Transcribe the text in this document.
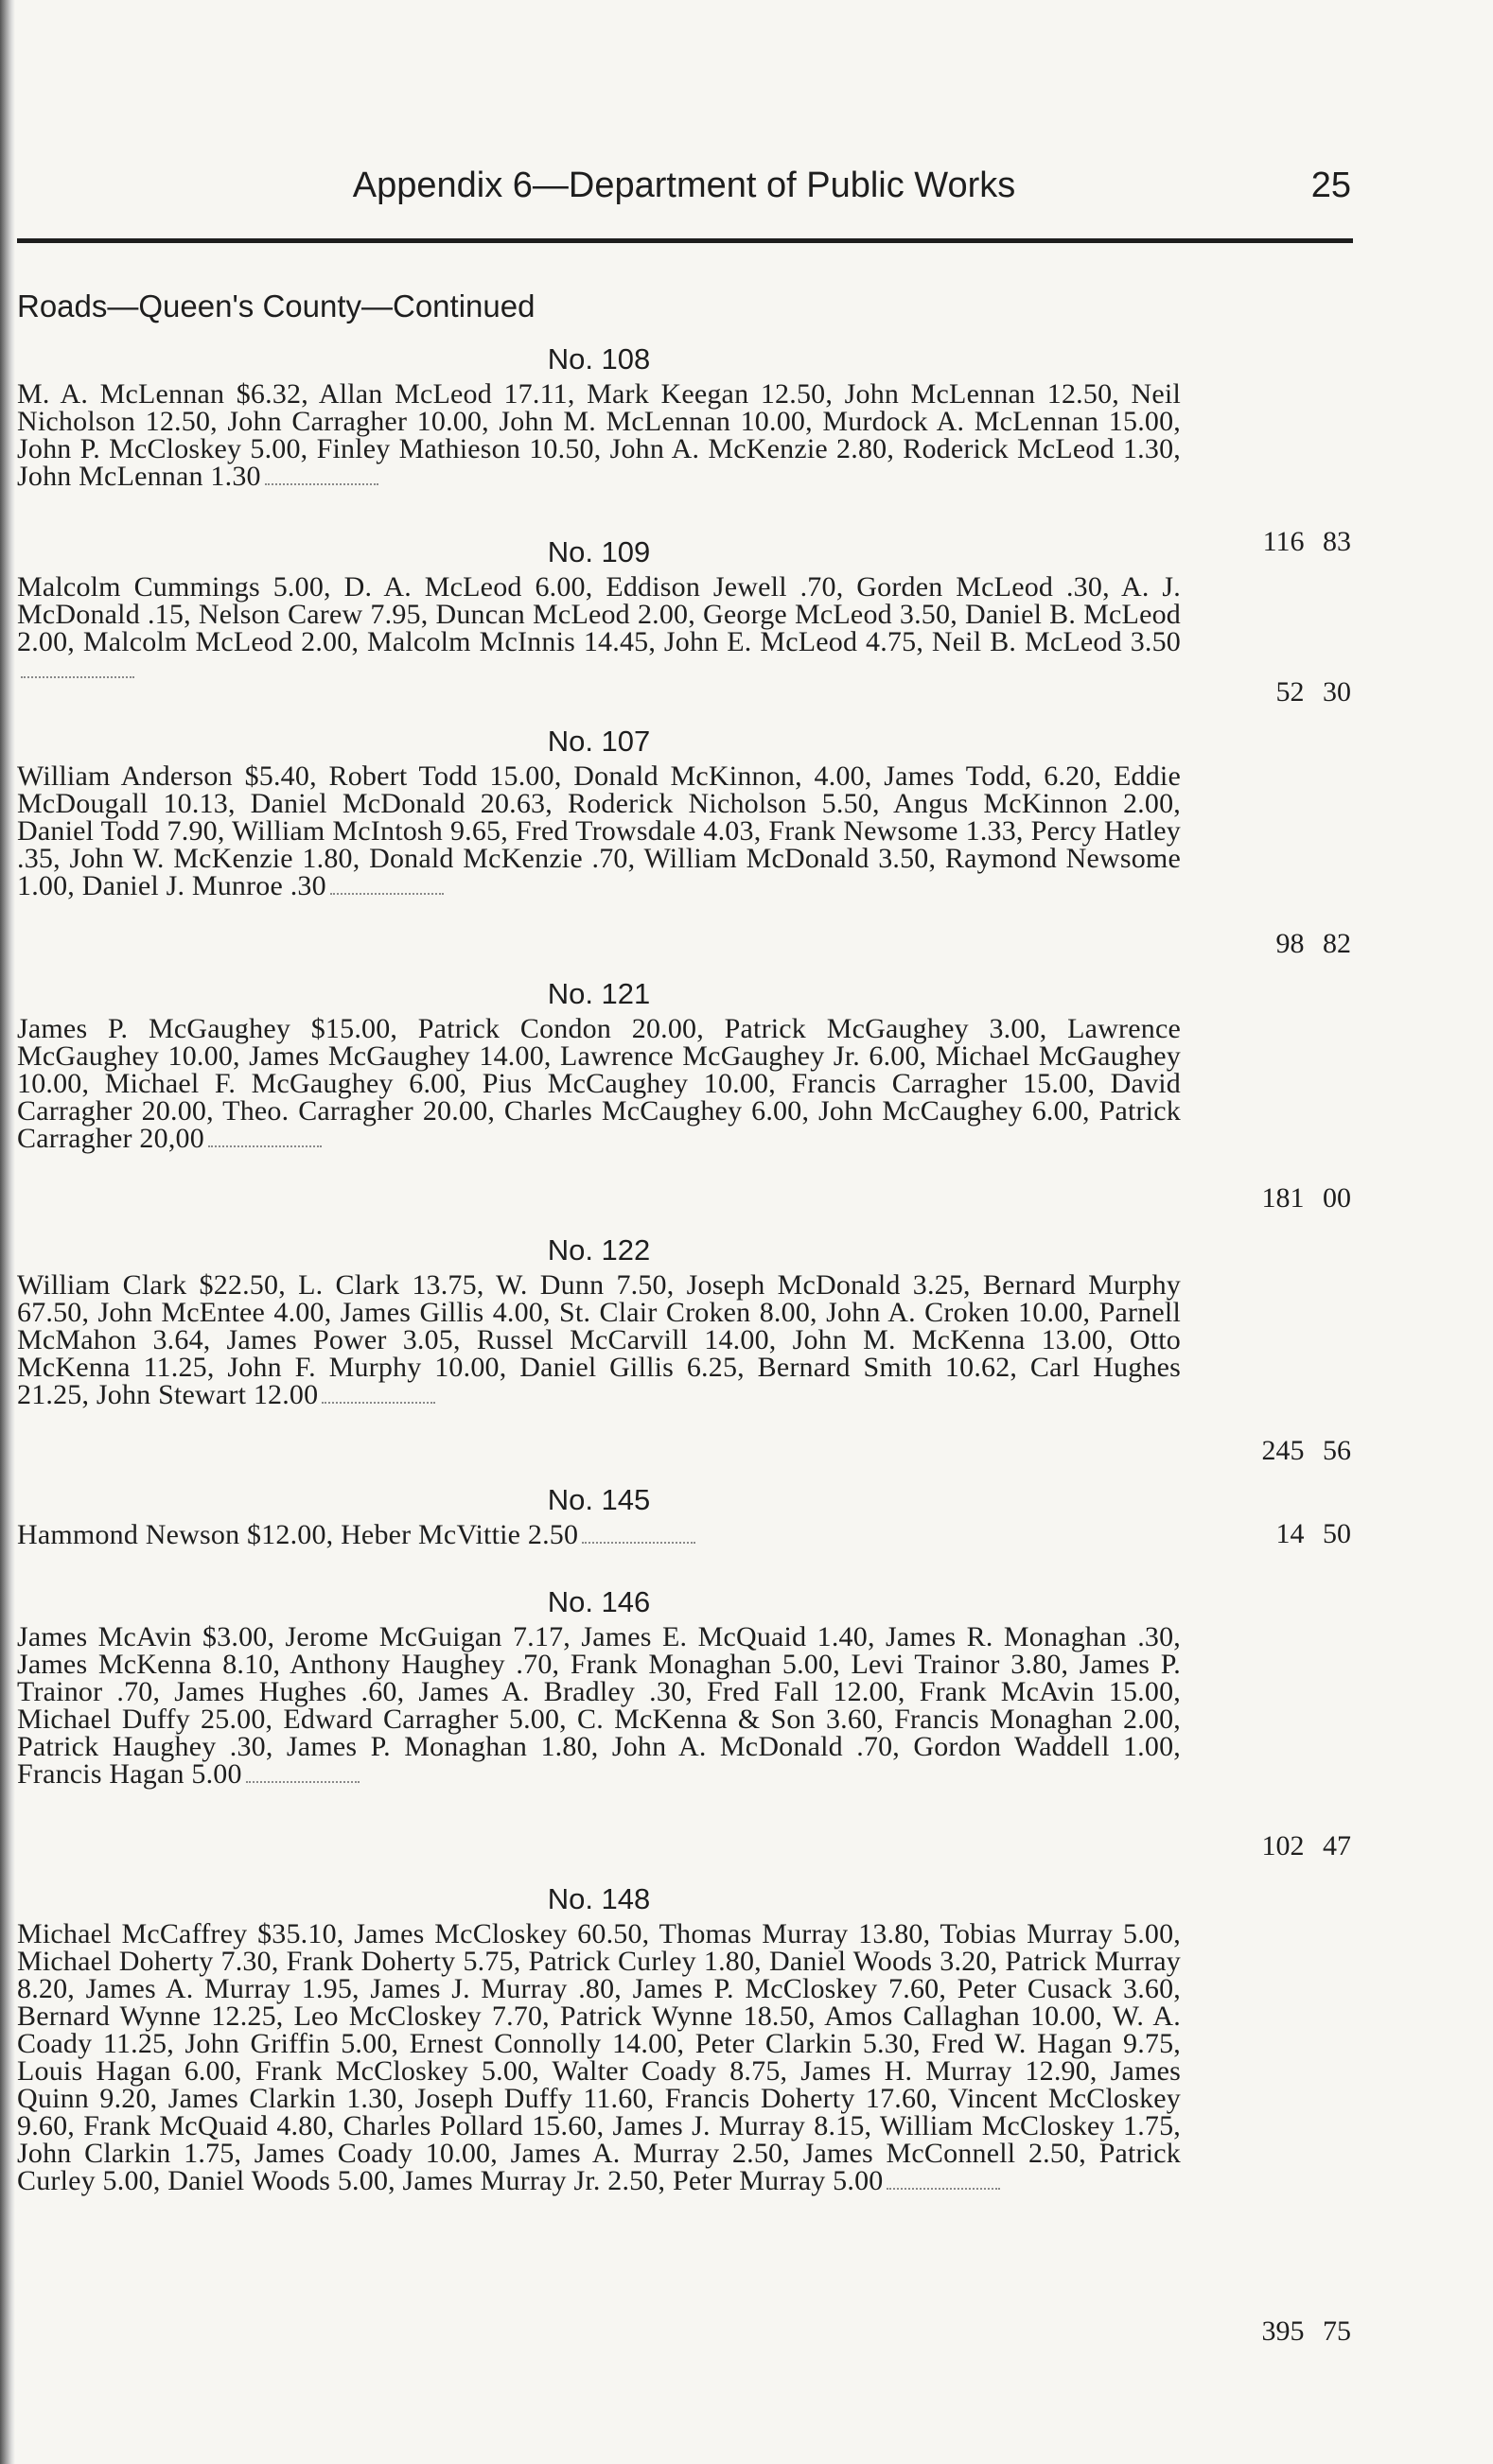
Appendix 6—Department of Public Works	25
Roads—Queen's County—Continued
No. 108
M. A. McLennan $6.32, Allan McLeod 17.11, Mark Keegan 12.50, John McLennan 12.50, Neil Nicholson 12.50, John Carragher 10.00, John M. McLennan 10.00, Murdock A. McLennan 15.00, John P. McCloskey 5.00, Finley Mathieson 10.50, John A. McKenzie 2.80, Roderick McLeod 1.30, John McLennan 1.30
116 83
No. 109
Malcolm Cummings 5.00, D. A. McLeod 6.00, Eddison Jewell .70, Gorden McLeod .30, A. J. McDonald .15, Nelson Carew 7.95, Duncan McLeod 2.00, George McLeod 3.50, Daniel B. McLeod 2.00, Malcolm McLeod 2.00, Malcolm McInnis 14.45, John E. McLeod 4.75, Neil B. McLeod 3.50
52 30
No. 107
William Anderson $5.40, Robert Todd 15.00, Donald McKinnon, 4.00, James Todd, 6.20, Eddie McDougall 10.13, Daniel McDonald 20.63, Roderick Nicholson 5.50, Angus McKinnon 2.00, Daniel Todd 7.90, William McIntosh 9.65, Fred Trowsdale 4.03, Frank Newsome 1.33, Percy Hatley .35, John W. McKenzie 1.80, Donald McKenzie .70, William McDonald 3.50, Raymond Newsome 1.00, Daniel J. Munroe .30
98 82
No. 121
James P. McGaughey $15.00, Patrick Condon 20.00, Patrick McGaughey 3.00, Lawrence McGaughey 10.00, James McGaughey 14.00, Lawrence McGaughey Jr. 6.00, Michael McGaughey 10.00, Michael F. McGaughey 6.00, Pius McCaughey 10.00, Francis Carragher 15.00, David Carragher 20.00, Theo. Carragher 20.00, Charles McCaughey 6.00, John McCaughey 6.00, Patrick Carragher 20,00
181 00
No. 122
William Clark $22.50, L. Clark 13.75, W. Dunn 7.50, Joseph McDonald 3.25, Bernard Murphy 67.50, John McEntee 4.00, James Gillis 4.00, St. Clair Croken 8.00, John A. Croken 10.00, Parnell McMahon 3.64, James Power 3.05, Russel McCarvill 14.00, John M. McKenna 13.00, Otto McKenna 11.25, John F. Murphy 10.00, Daniel Gillis 6.25, Bernard Smith 10.62, Carl Hughes 21.25, John Stewart 12.00
245 56
No. 145
Hammond Newson $12.00, Heber McVittie 2.50	14 50
No. 146
James McAvin $3.00, Jerome McGuigan 7.17, James E. McQuaid 1.40, James R. Monaghan .30, James McKenna 8.10, Anthony Haughey .70, Frank Monaghan 5.00, Levi Trainor 3.80, James P. Trainor .70, James Hughes .60, James A. Bradley .30, Fred Fall 12.00, Frank McAvin 15.00, Michael Duffy 25.00, Edward Carragher 5.00, C. McKenna & Son 3.60, Francis Monaghan 2.00, Patrick Haughey .30, James P. Monaghan 1.80, John A. McDonald .70, Gordon Waddell 1.00, Francis Hagan 5.00
102 47
No. 148
Michael McCaffrey $35.10, James McCloskey 60.50, Thomas Murray 13.80, Tobias Murray 5.00, Michael Doherty 7.30, Frank Doherty 5.75, Patrick Curley 1.80, Daniel Woods 3.20, Patrick Murray 8.20, James A. Murray 1.95, James J. Murray .80, James P. McCloskey 7.60, Peter Cusack 3.60, Bernard Wynne 12.25, Leo McCloskey 7.70, Patrick Wynne 18.50, Amos Callaghan 10.00, W. A. Coady 11.25, John Griffin 5.00, Ernest Connolly 14.00, Peter Clarkin 5.30, Fred W. Hagan 9.75, Louis Hagan 6.00, Frank McCloskey 5.00, Walter Coady 8.75, James H. Murray 12.90, James Quinn 9.20, James Clarkin 1.30, Joseph Duffy 11.60, Francis Doherty 17.60, Vincent McCloskey 9.60, Frank McQuaid 4.80, Charles Pollard 15.60, James J. Murray 8.15, William McCloskey 1.75, John Clarkin 1.75, James Coady 10.00, James A. Murray 2.50, James McConnell 2.50, Patrick Curley 5.00, Daniel Woods 5.00, James Murray Jr. 2.50, Peter Murray 5.00
395 75
